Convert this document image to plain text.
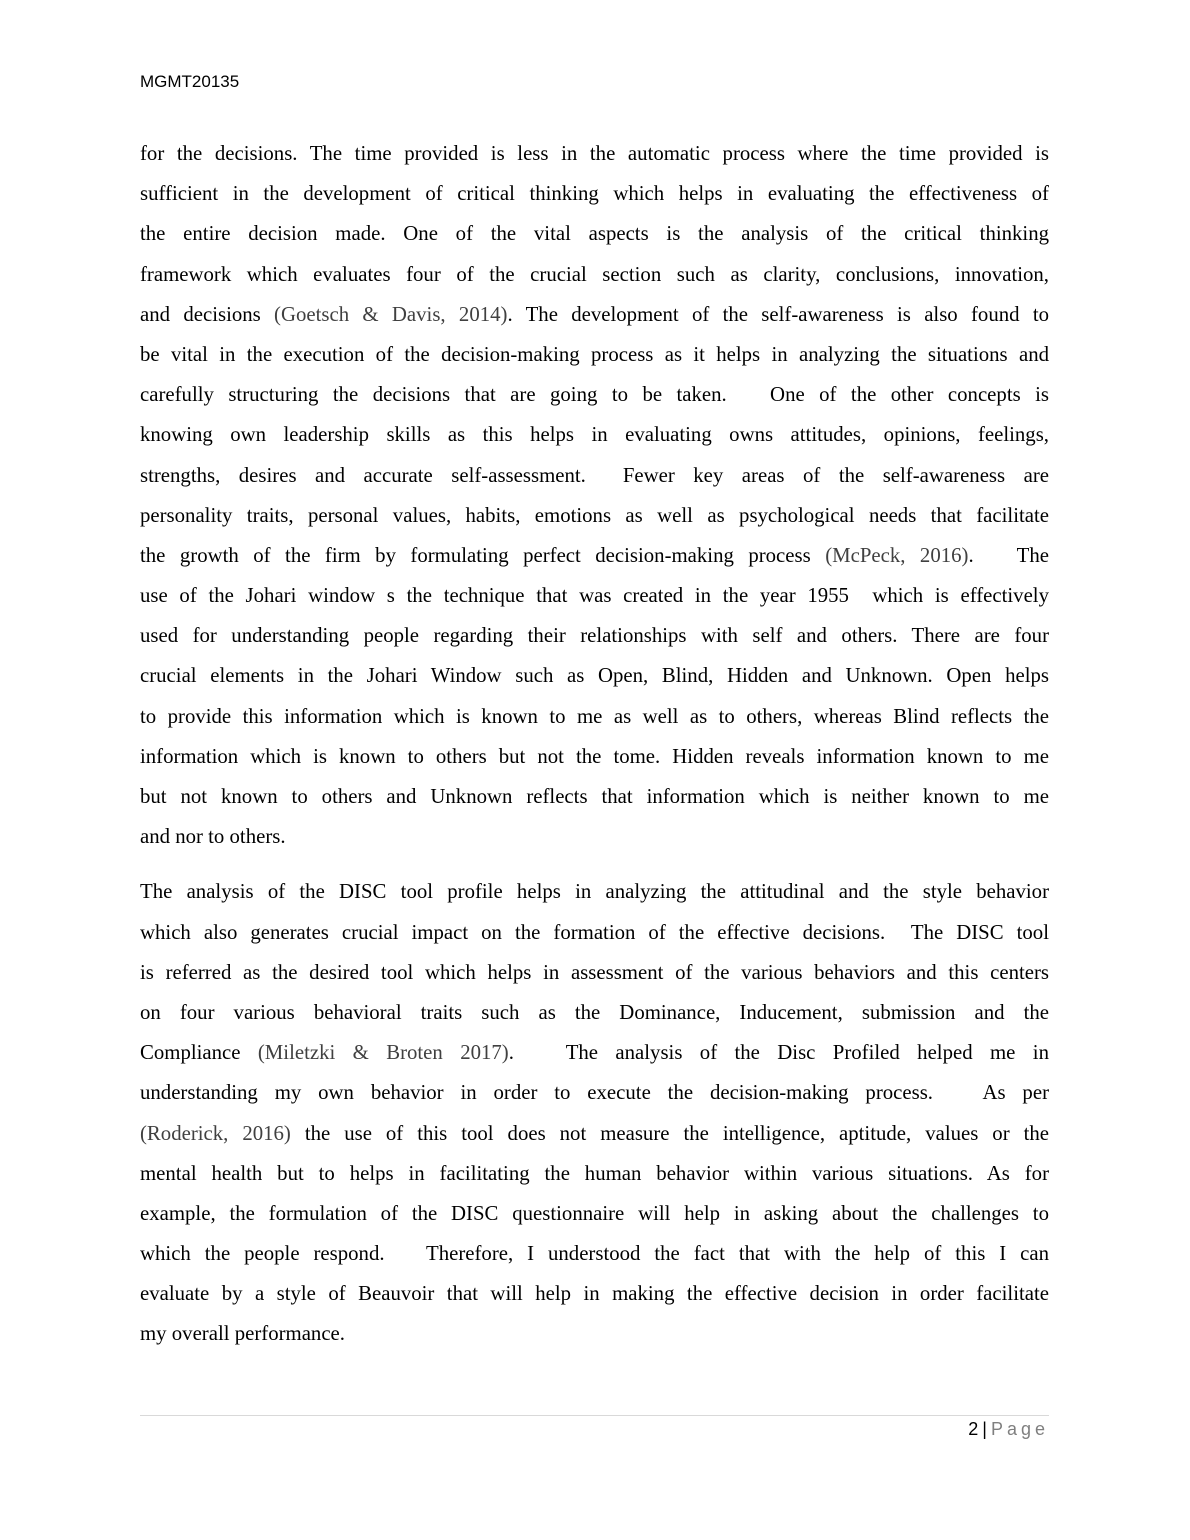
MGMT20135
for the decisions. The time provided is less in the automatic process where the time provided is
sufficient in the development of critical thinking which helps in evaluating the effectiveness of
the entire decision made. One of the vital aspects is the analysis of the critical thinking
framework which evaluates four of the crucial section such as clarity, conclusions, innovation,
and decisions (Goetsch & Davis, 2014). The development of the self-awareness is also found to
be vital in the execution of the decision-making process as it helps in analyzing the situations and
carefully structuring the decisions that are going to be taken.   One of the other concepts is
knowing own leadership skills as this helps in evaluating owns attitudes, opinions, feelings,
strengths, desires and accurate self-assessment.  Fewer key areas of the self-awareness are
personality traits, personal values, habits, emotions as well as psychological needs that facilitate
the growth of the firm by formulating perfect decision-making process (McPeck, 2016).   The
use of the Johari window s the technique that was created in the year 1955  which is effectively
used for understanding people regarding their relationships with self and others. There are four
crucial elements in the Johari Window such as Open, Blind, Hidden and Unknown. Open helps
to provide this information which is known to me as well as to others, whereas Blind reflects the
information which is known to others but not the tome. Hidden reveals information known to me
but not known to others and Unknown reflects that information which is neither known to me
and nor to others.
The analysis of the DISC tool profile helps in analyzing the attitudinal and the style behavior
which also generates crucial impact on the formation of the effective decisions.  The DISC tool
is referred as the desired tool which helps in assessment of the various behaviors and this centers
on four various behavioral traits such as the Dominance, Inducement, submission and the
Compliance (Miletzki & Broten 2017).   The analysis of the Disc Profiled helped me in
understanding my own behavior in order to execute the decision-making process.   As per
(Roderick, 2016) the use of this tool does not measure the intelligence, aptitude, values or the
mental health but to helps in facilitating the human behavior within various situations. As for
example, the formulation of the DISC questionnaire will help in asking about the challenges to
which the people respond.   Therefore, I understood the fact that with the help of this I can
evaluate by a style of Beauvoir that will help in making the effective decision in order facilitate
my overall performance.
2 | Page
